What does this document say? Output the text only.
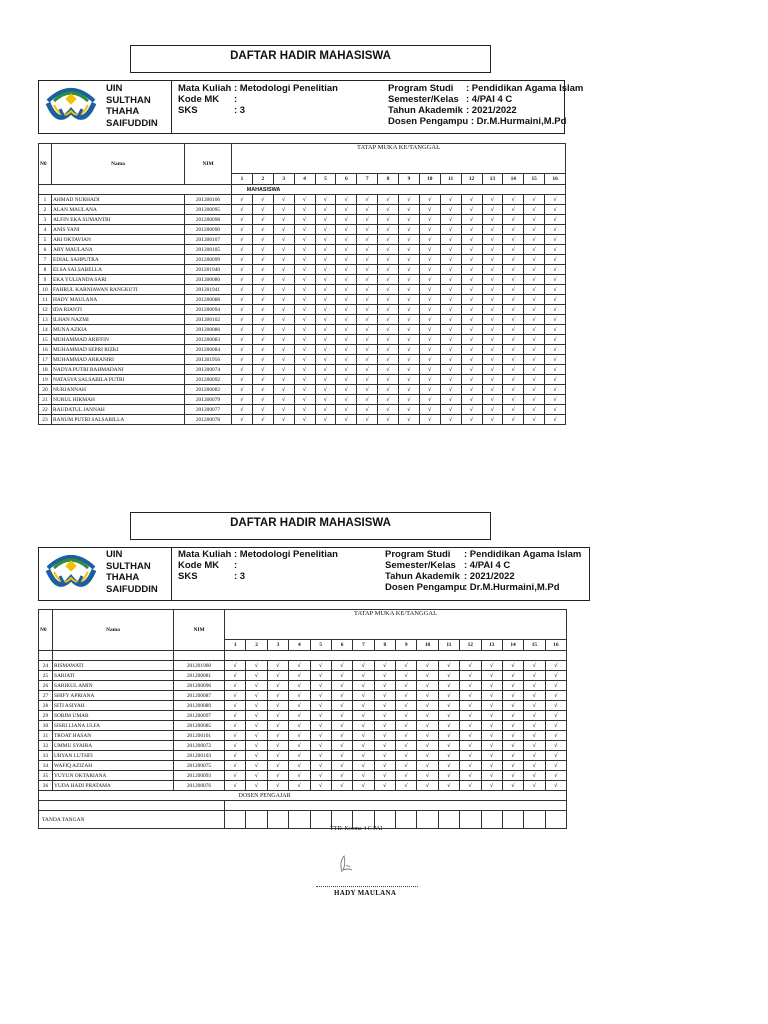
DAFTAR HADIR MAHASISWA
UIN
SULTHAN
THAHA
SAIFUDDIN
Mata Kuliah : Metodologi Penelitian
Kode MK :
SKS	: 3
Program Studi : Pendidikan Agama Islam
Semester/Kelas : 4/PAI 4 C
Tahun Akademik : 2021/2022
Dosen Pengampu : Dr.M.Hurmaini,M.Pd
N0	Nama	NIM	TATAP MUKA KE/TANGGAL															
			1	2	3	4	5	6	7	8	9	10	11	12	13	14	15	16
			MAHASISWA															
1	AHMAD NURHADI	201200106	√	√	√	√	√	√	√	√	√	√	√	√	√	√	√	√
2	ALAN MAULANA	201200095	√	√	√	√	√	√	√	√	√	√	√	√	√	√	√	√
3	ALFIN EKA SUMANTRI	201200098	√	√	√	√	√	√	√	√	√	√	√	√	√	√	√	√
4	ANIS YANI	201200090	√	√	√	√	√	√	√	√	√	√	√	√	√	√	√	√
5	ARI OKTAVIAN	201200107	√	√	√	√	√	√	√	√	√	√	√	√	√	√	√	√
6	ARY MAULANA	201200105	√	√	√	√	√	√	√	√	√	√	√	√	√	√	√	√
7	EDIAL SAHPUTRA	201200099	√	√	√	√	√	√	√	√	√	√	√	√	√	√	√	√
8	ELSA SALSABELLA	201201940	√	√	√	√	√	√	√	√	√	√	√	√	√	√	√	√
9	EKA YULIANDA SARI	201200080	√	√	√	√	√	√	√	√	√	√	√	√	√	√	√	√
10	FAHRUL KARNIAWAN RANGKUTI	201201941	√	√	√	√	√	√	√	√	√	√	√	√	√	√	√	√
11	HADY MAULANA	201200088	√	√	√	√	√	√	√	√	√	√	√	√	√	√	√	√
12	IDA RIANTI	201200094	√	√	√	√	√	√	√	√	√	√	√	√	√	√	√	√
13	ILHAN NAZMI	201200102	√	√	√	√	√	√	√	√	√	√	√	√	√	√	√	√
14	MUNA AZKIA	201200086	√	√	√	√	√	√	√	√	√	√	√	√	√	√	√	√
15	MUHAMMAD ARIFFIN	201200083	√	√	√	√	√	√	√	√	√	√	√	√	√	√	√	√
16	MUHAMMAD SEPRI RIZKI	201200084	√	√	√	√	√	√	√	√	√	√	√	√	√	√	√	√
17	MUHAMMAD ARRANIRI	201201956	√	√	√	√	√	√	√	√	√	√	√	√	√	√	√	√
18	NADYA PUTRI RAHMADANI	201200074	√	√	√	√	√	√	√	√	√	√	√	√	√	√	√	√
19	NATASYA SALSABILA PUTRI	201200092	√	√	√	√	√	√	√	√	√	√	√	√	√	√	√	√
20	NURJANNAH	201200082	√	√	√	√	√	√	√	√	√	√	√	√	√	√	√	√
21	NURUL HIKMAH	201200079	√	√	√	√	√	√	√	√	√	√	√	√	√	√	√	√
22	RAUDATUL JANNAH	201200077	√	√	√	√	√	√	√	√	√	√	√	√	√	√	√	√
23	RANUM PUTRI SALSABILLA	201200078	√	√	√	√	√	√	√	√	√	√	√	√	√	√	√	√
DAFTAR HADIR MAHASISWA
UIN
SULTHAN
THAHA
SAIFUDDIN
Mata Kuliah : Metodologi Penelitian
Kode MK :
SKS	: 3
Program Studi : Pendidikan Agama Islam
Semester/Kelas : 4/PAI 4 C
Tahun Akademik : 2021/2022
Dosen Pengampu
: Dr.M.Hurmaini,M.Pd
N0	Nama	NIM	TATAP MUKA KE/TANGGAL															
			1	2	3	4	5	6	7	8	9	10	11	12	13	14	15	16

24	RISMAWATI	201201960	√	√	√	√	√	√	√	√	√	√	√	√	√	√	√	√
25	SARIATI	201200081	√	√	√	√	√	√	√	√	√	√	√	√	√	√	√	√
26	SARIKUL AMIN	201200096	√	√	√	√	√	√	√	√	√	√	√	√	√	√	√	√
27	SHIFY APRIANA	201200087	√	√	√	√	√	√	√	√	√	√	√	√	√	√	√	√
28	SITI ASIYAH	201200089	√	√	√	√	√	√	√	√	√	√	√	√	√	√	√	√
29	SORIM UMAR	201200097	√	√	√	√	√	√	√	√	√	√	√	√	√	√	√	√
30	SISRI LIANA ULFA	201200085	√	√	√	√	√	√	√	√	√	√	√	√	√	√	√	√
31	TROAT HASAN	201200101	√	√	√	√	√	√	√	√	√	√	√	√	√	√	√	√
32	UMMU SYAIRA	201200072	√	√	√	√	√	√	√	√	√	√	√	√	√	√	√	√
33	URYAN LUTHFI	201200103	√	√	√	√	√	√	√	√	√	√	√	√	√	√	√	√
34	WAFIQ AZIZAH	201200075	√	√	√	√	√	√	√	√	√	√	√	√	√	√	√	√
35	YUYUN OKTARIANA	201200093	√	√	√	√	√	√	√	√	√	√	√	√	√	√	√	√
36	YUDA HADI PRATAMA	201200076	√	√	√	√	√	√	√	√	√	√	√	√	√	√	√	√
DOSEN PENGAJAR																		

TANDA TANGAN																		
TTD. Kosma 4 C PAI
HADY MAULANA
